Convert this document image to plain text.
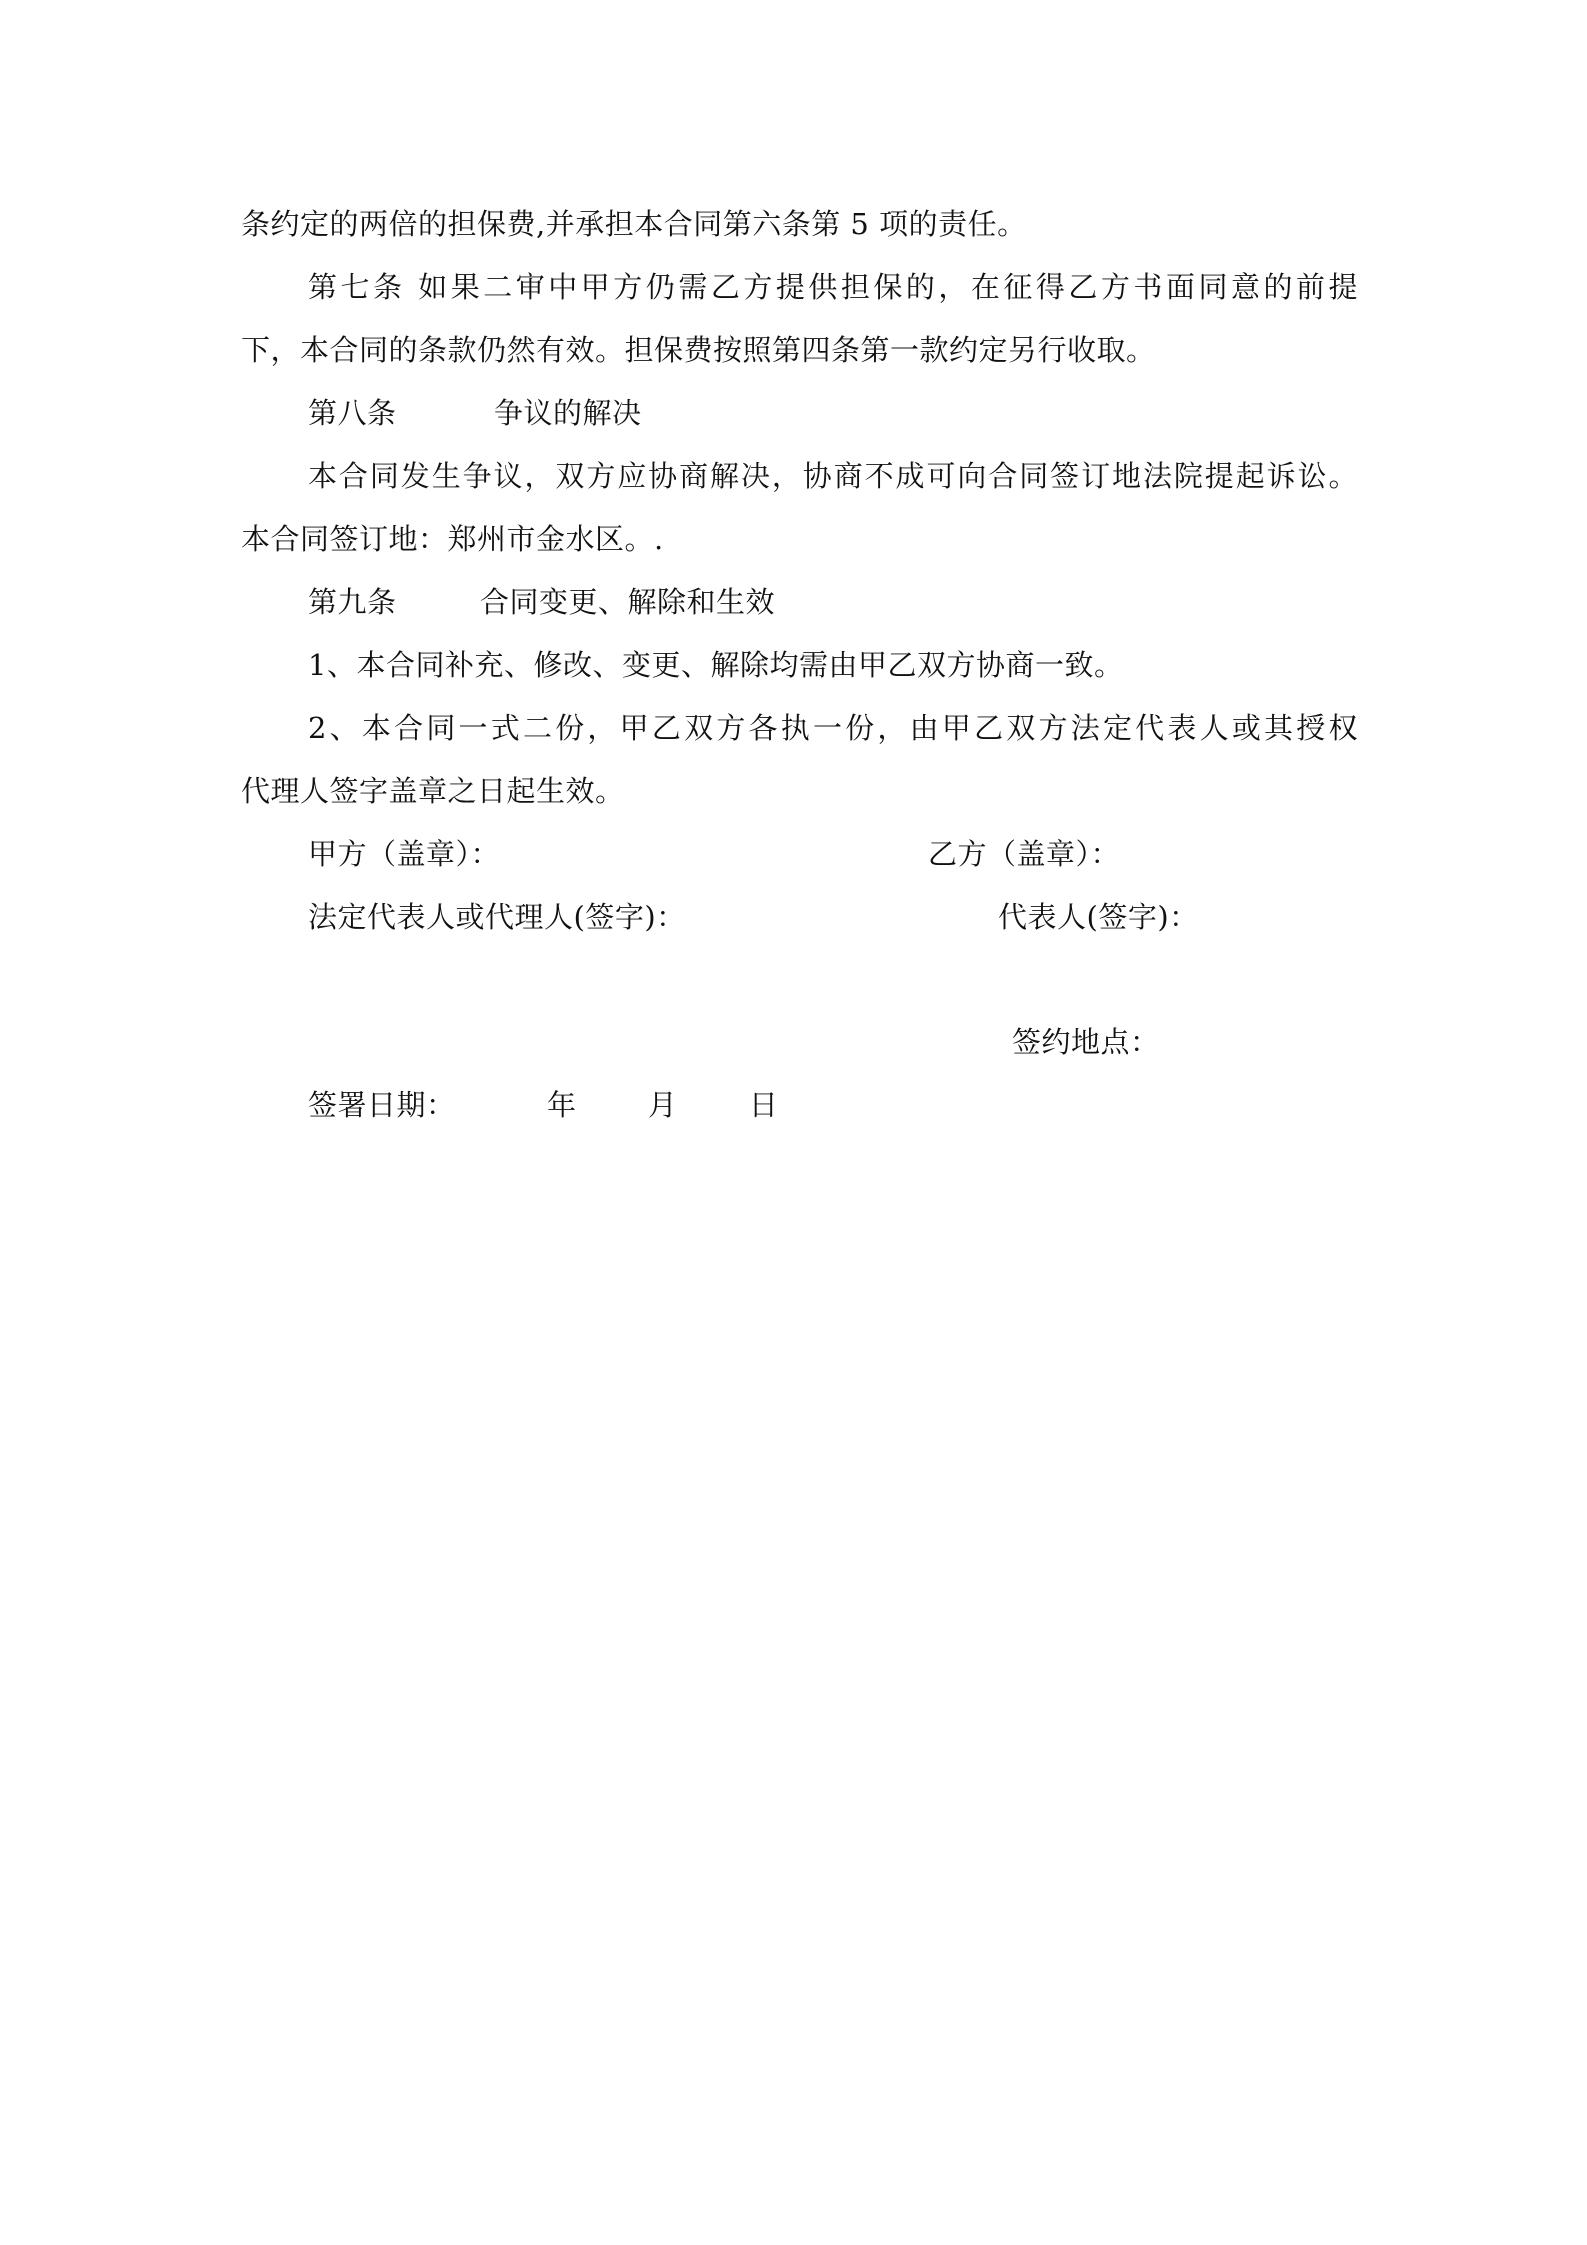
条约定的两倍的担保费,并承担本合同第六条第 5 项的责任。
第七条 如果二审中甲方仍需乙方提供担保的，在征得乙方书面同意的前提
下，本合同的条款仍然有效。担保费按照第四条第一款约定另行收取。
第八条	争议的解决
本合同发生争议，双方应协商解决，协商不成可向合同签订地法院提起诉讼。
本合同签订地：郑州市金水区。.
第九条	合同变更、解除和生效
1、本合同补充、修改、变更、解除均需由甲乙双方协商一致。
2、本合同一式二份，甲乙双方各执一份，由甲乙双方法定代表人或其授权
代理人签字盖章之日起生效。
甲方（盖章）：	乙方（盖章）：
法定代表人或代理人(签字)：	代表人(签字)：
签约地点：
签署日期：	年 月 日
